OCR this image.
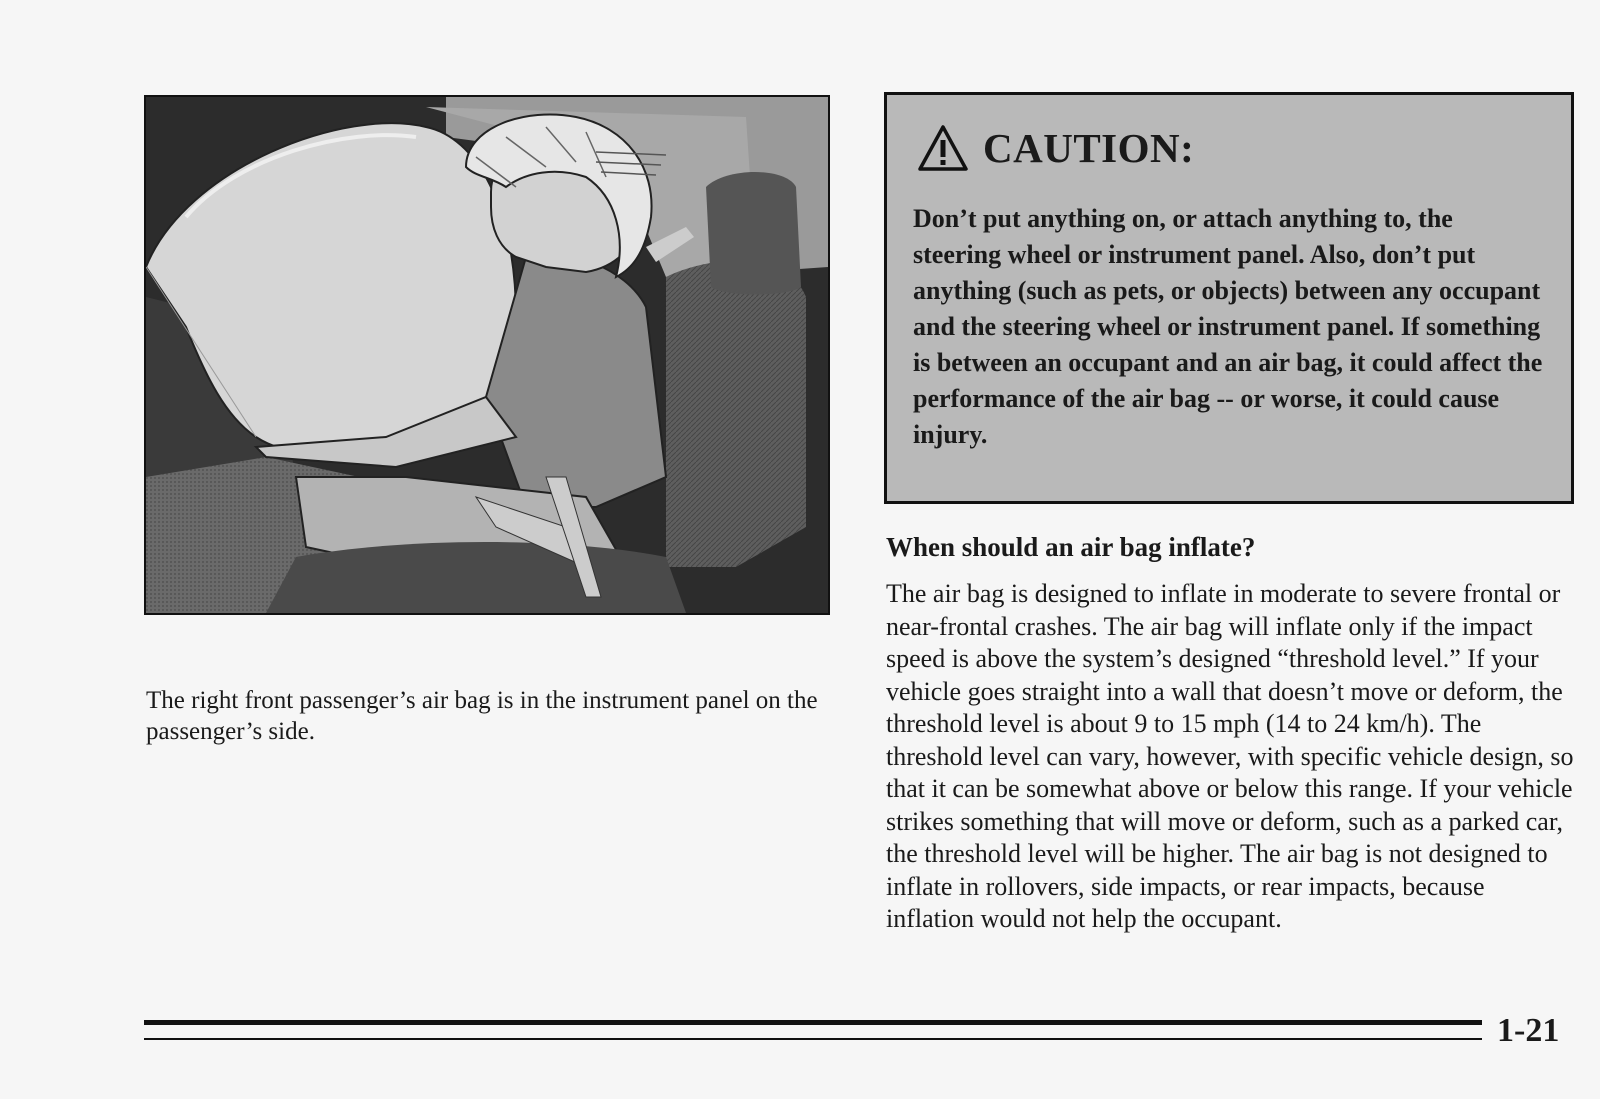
The right front passenger’s air bag is in the instrument panel on the passenger’s side.

CAUTION:

Don’t put anything on, or attach anything to, the steering wheel or instrument panel. Also, don’t put anything (such as pets, or objects) between any occupant and the steering wheel or instrument panel. If something is between an occupant and an air bag, it could affect the performance of the air bag -- or worse, it could cause injury.

When should an air bag inflate?

The air bag is designed to inflate in moderate to severe frontal or near-frontal crashes. The air bag will inflate only if the impact speed is above the system’s designed “threshold level.” If your vehicle goes straight into a wall that doesn’t move or deform, the threshold level is about 9 to 15 mph (14 to 24 km/h). The threshold level can vary, however, with specific vehicle design, so that it can be somewhat above or below this range. If your vehicle strikes something that will move or deform, such as a parked car, the threshold level will be higher. The air bag is not designed to inflate in rollovers, side impacts, or rear impacts, because inflation would not help the occupant.

1-21
